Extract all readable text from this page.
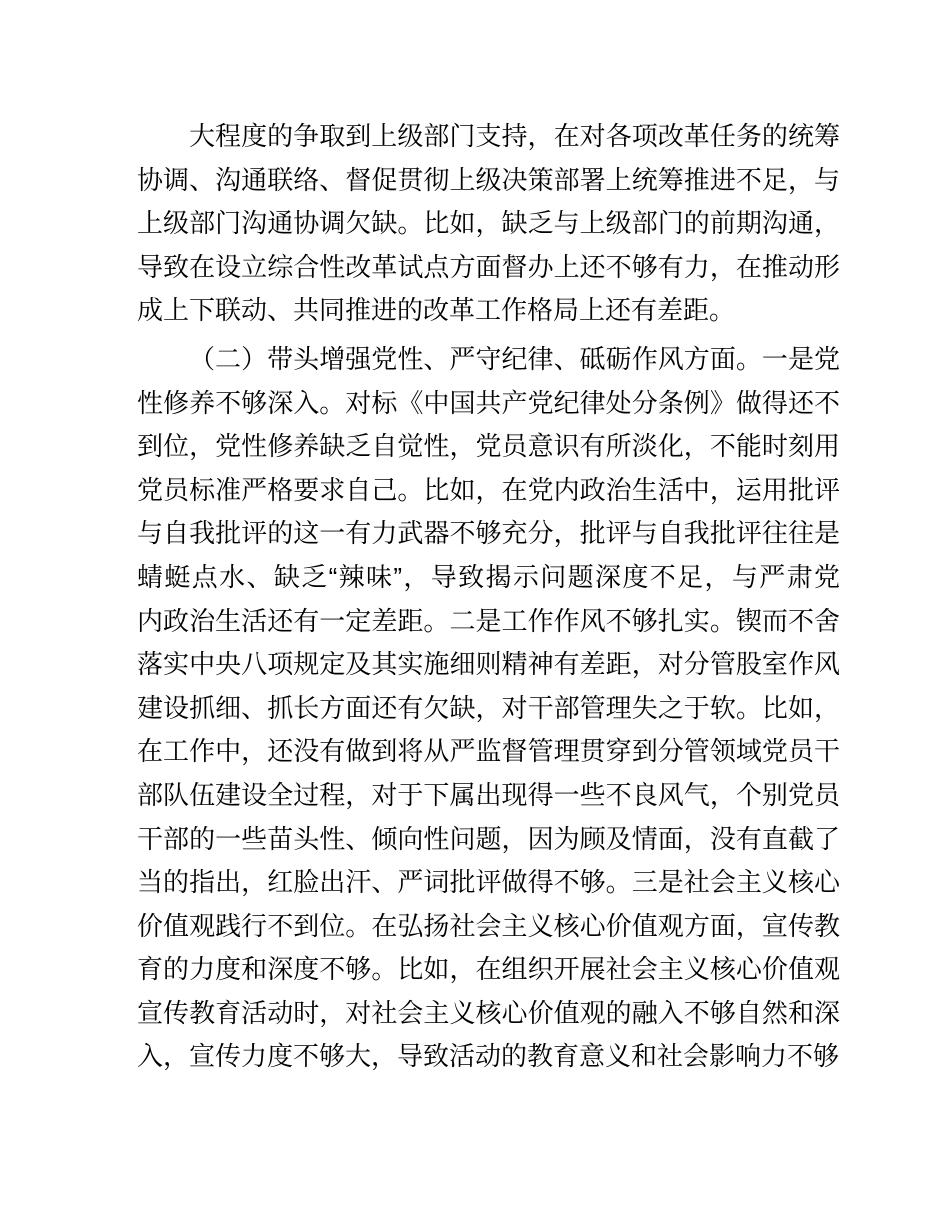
大程度的争取到上级部门支持，在对各项改革任务的统筹
协调、沟通联络、督促贯彻上级决策部署上统筹推进不足，与
上级部门沟通协调欠缺。比如，缺乏与上级部门的前期沟通，
导致在设立综合性改革试点方面督办上还不够有力，在推动形
成上下联动、共同推进的改革工作格局上还有差距。
（二）带头增强党性、严守纪律、砥砺作风方面。一是党
性修养不够深入。对标《中国共产党纪律处分条例》做得还不
到位，党性修养缺乏自觉性，党员意识有所淡化，不能时刻用
党员标准严格要求自己。比如，在党内政治生活中，运用批评
与自我批评的这一有力武器不够充分，批评与自我批评往往是
蜻蜓点水、缺乏“辣味”，导致揭示问题深度不足，与严肃党
内政治生活还有一定差距。二是工作作风不够扎实。锲而不舍
落实中央八项规定及其实施细则精神有差距，对分管股室作风
建设抓细、抓长方面还有欠缺，对干部管理失之于软。比如，
在工作中，还没有做到将从严监督管理贯穿到分管领域党员干
部队伍建设全过程，对于下属出现得一些不良风气，个别党员
干部的一些苗头性、倾向性问题，因为顾及情面，没有直截了
当的指出，红脸出汗、严词批评做得不够。三是社会主义核心
价值观践行不到位。在弘扬社会主义核心价值观方面，宣传教
育的力度和深度不够。比如，在组织开展社会主义核心价值观
宣传教育活动时，对社会主义核心价值观的融入不够自然和深
入，宣传力度不够大，导致活动的教育意义和社会影响力不够
